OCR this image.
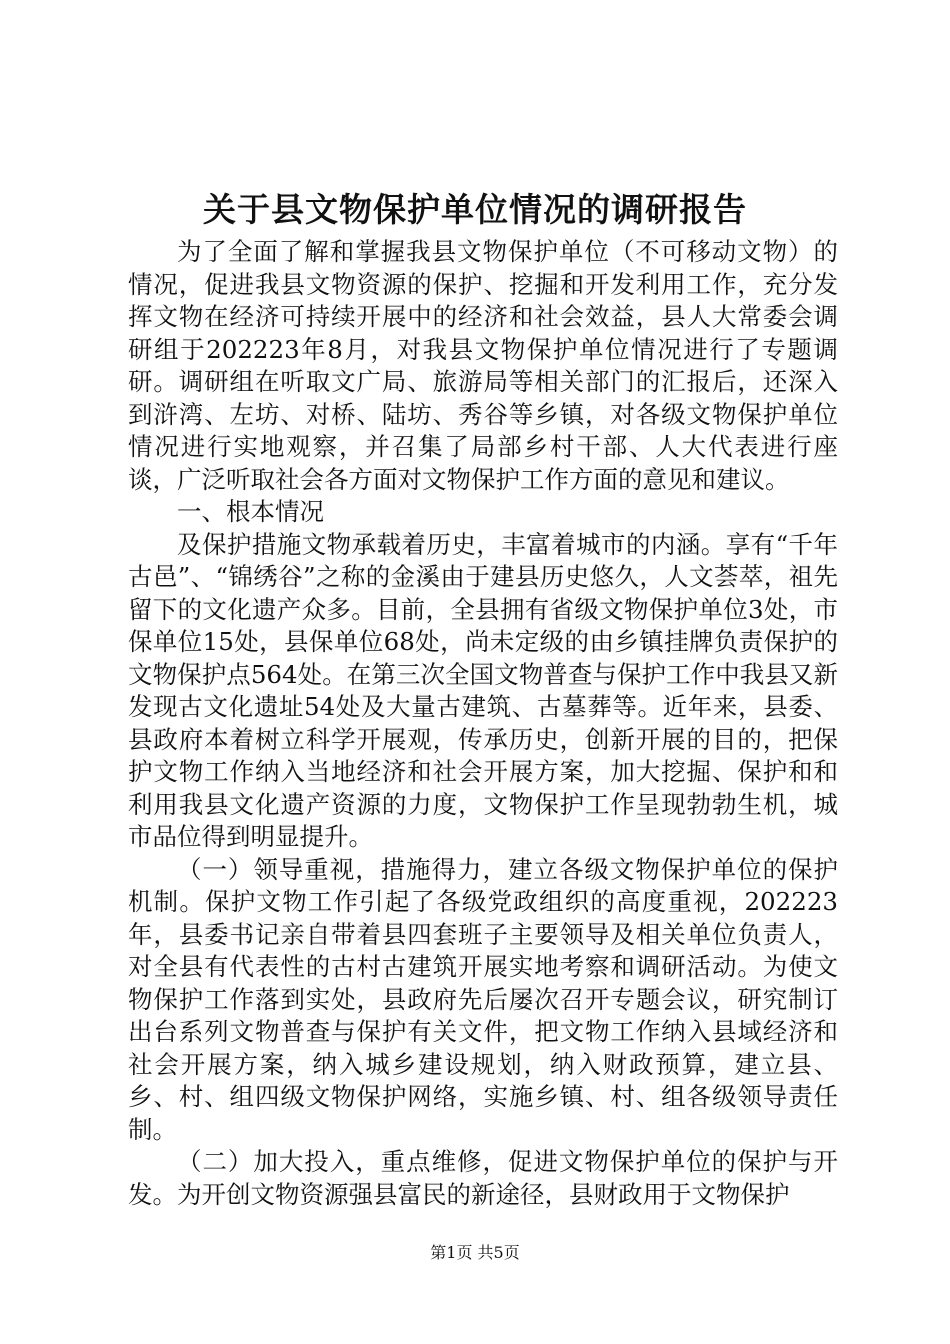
关于县文物保护单位情况的调研报告

为了全面了解和掌握我县文物保护单位（不可移动文物）的情况，促进我县文物资源的保护、挖掘和开发利用工作，充分发挥文物在经济可持续开展中的经济和社会效益，县人大常委会调研组于202223年8月，对我县文物保护单位情况进行了专题调研。调研组在听取文广局、旅游局等相关部门的汇报后，还深入到浒湾、左坊、对桥、陆坊、秀谷等乡镇，对各级文物保护单位情况进行实地观察，并召集了局部乡村干部、人大代表进行座谈，广泛听取社会各方面对文物保护工作方面的意见和建议。

一、根本情况

及保护措施文物承载着历史，丰富着城市的内涵。享有“千年古邑”、“锦绣谷”之称的金溪由于建县历史悠久，人文荟萃，祖先留下的文化遗产众多。目前，全县拥有省级文物保护单位3处，市保单位15处，县保单位68处，尚未定级的由乡镇挂牌负责保护的文物保护点564处。在第三次全国文物普查与保护工作中我县又新发现古文化遗址54处及大量古建筑、古墓葬等。近年来，县委、县政府本着树立科学开展观，传承历史，创新开展的目的，把保护文物工作纳入当地经济和社会开展方案，加大挖掘、保护和和利用我县文化遗产资源的力度，文物保护工作呈现勃勃生机，城市品位得到明显提升。

（一）领导重视，措施得力，建立各级文物保护单位的保护机制。保护文物工作引起了各级党政组织的高度重视，202223年，县委书记亲自带着县四套班子主要领导及相关单位负责人，对全县有代表性的古村古建筑开展实地考察和调研活动。为使文物保护工作落到实处，县政府先后屡次召开专题会议，研究制订出台系列文物普查与保护有关文件，把文物工作纳入县域经济和社会开展方案，纳入城乡建设规划，纳入财政预算，建立县、乡、村、组四级文物保护网络，实施乡镇、村、组各级领导责任制。

（二）加大投入，重点维修，促进文物保护单位的保护与开发。为开创文物资源强县富民的新途径，县财政用于文物保护

第1页 共5页
